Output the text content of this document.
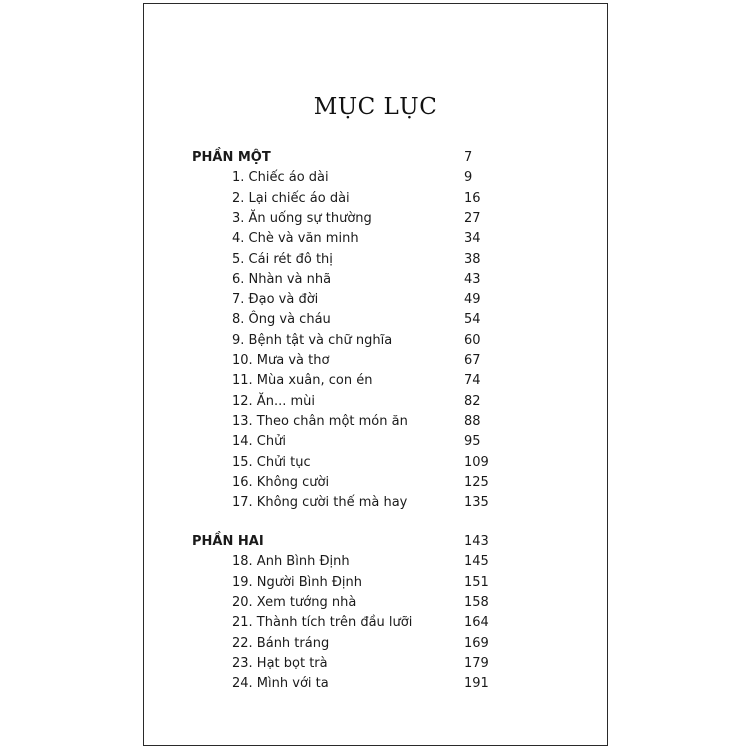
MỤC LỤC
PHẦN MỘT	7
1. Chiếc áo dài	9
2. Lại chiếc áo dài	16
3. Ăn uống sự thường	27
4. Chè và văn minh	34
5. Cái rét đô thị	38
6. Nhàn và nhã	43
7. Đạo và đời	49
8. Ông và cháu	54
9. Bệnh tật và chữ nghĩa	60
10. Mưa và thơ	67
11. Mùa xuân, con én	74
12. Ăn... mùi	82
13. Theo chân một món ăn	88
14. Chửi	95
15. Chửi tục	109
16. Không cười	125
17. Không cười thế mà hay	135
PHẦN HAI	143
18. Anh Bình Định	145
19. Người Bình Định	151
20. Xem tướng nhà	158
21. Thành tích trên đầu lưỡi	164
22. Bánh tráng	169
23. Hạt bọt trà	179
24. Mình với ta	191
